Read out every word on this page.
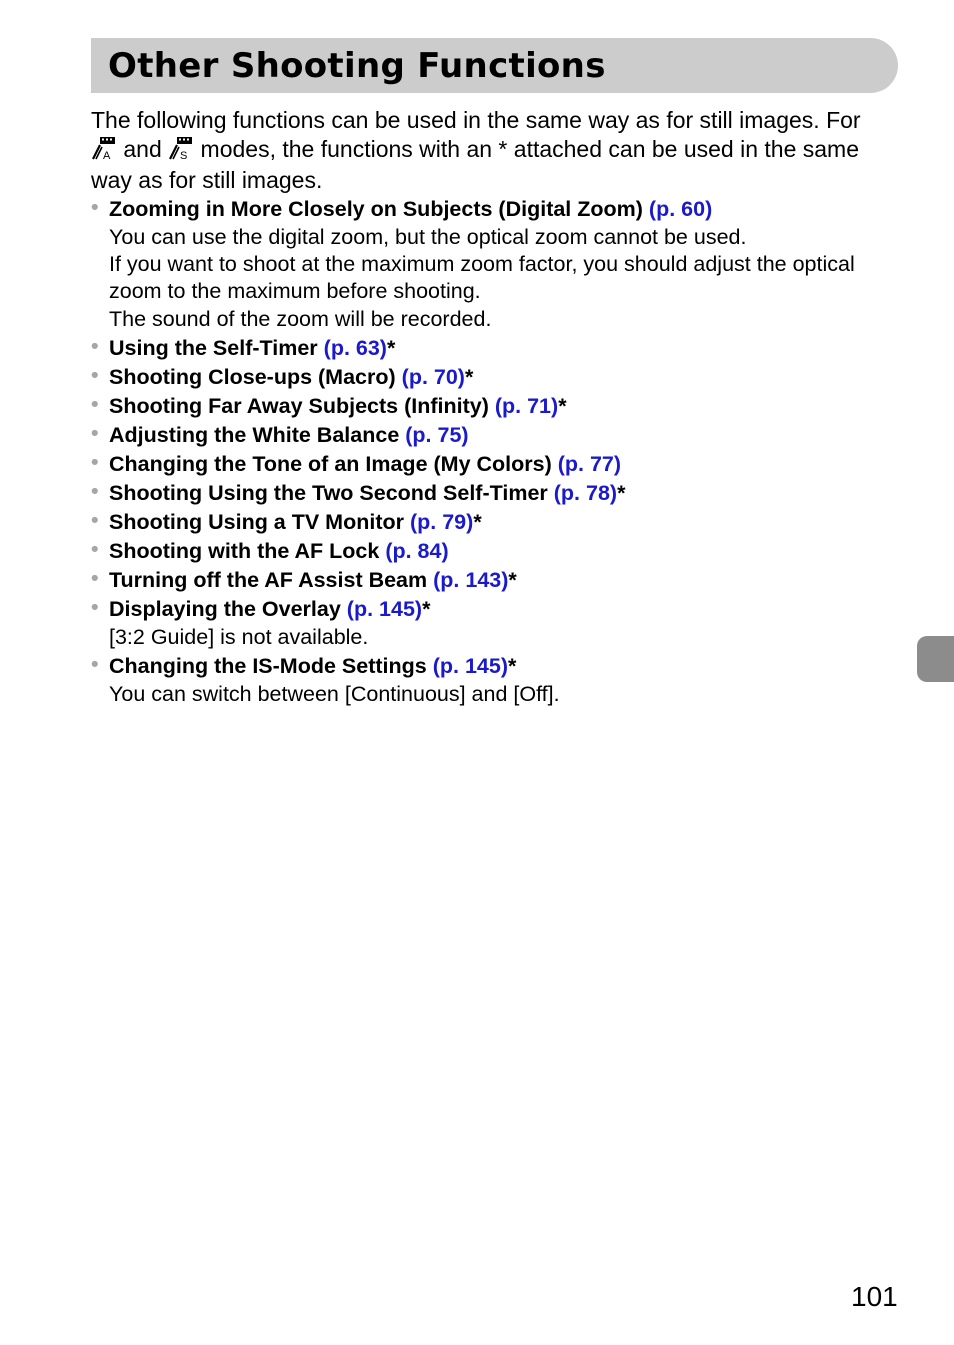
Other Shooting Functions
The following functions can be used in the same way as for still images. For

A and S modes, the functions with an * attached can be used in the same way as for still images.
• Zooming in More Closely on Subjects (Digital Zoom) (p. 60)
You can use the digital zoom, but the optical zoom cannot be used.
If you want to shoot at the maximum zoom factor, you should adjust the optical zoom to the maximum before shooting.
The sound of the zoom will be recorded.
• Using the Self-Timer (p. 63)*
• Shooting Close-ups (Macro) (p. 70)*
• Shooting Far Away Subjects (Infinity) (p. 71)*
• Adjusting the White Balance (p. 75)
• Changing the Tone of an Image (My Colors) (p. 77)
• Shooting Using the Two Second Self-Timer (p. 78)*
• Shooting Using a TV Monitor (p. 79)*
• Shooting with the AF Lock (p. 84)
• Turning off the AF Assist Beam (p. 143)*
• Displaying the Overlay (p. 145)*
[3:2 Guide] is not available.
• Changing the IS-Mode Settings (p. 145)*
You can switch between [Continuous] and [Off].
101
